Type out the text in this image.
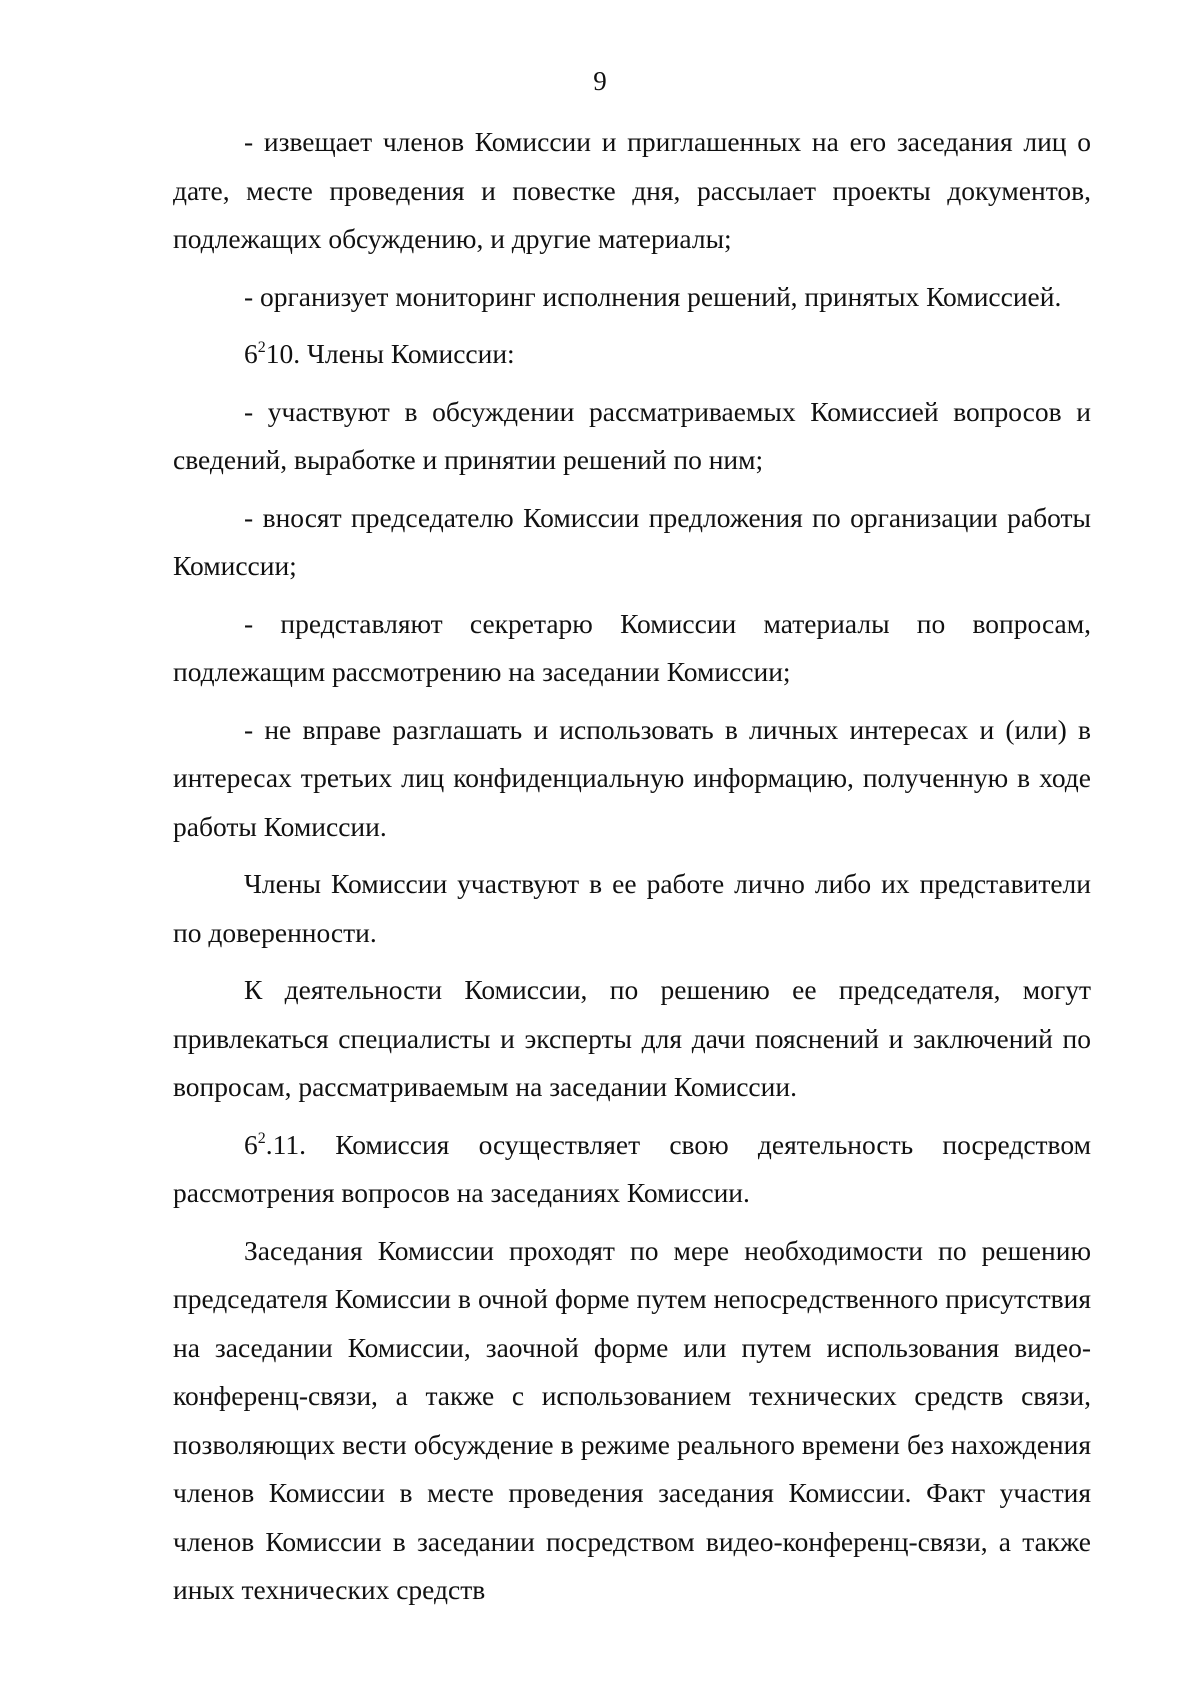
9

- извещает членов Комиссии и приглашенных на его заседания лиц о дате, месте проведения и повестке дня, рассылает проекты документов, подлежащих обсуждению, и другие материалы;

- организует мониторинг исполнения решений, принятых Комиссией.

$6^210$. Члены Комиссии:

- участвуют в обсуждении рассматриваемых Комиссией вопросов и сведений, выработке и принятии решений по ним;

- вносят председателю Комиссии предложения по организации работы Комиссии;

- представляют секретарю Комиссии материалы по вопросам, подлежащим рассмотрению на заседании Комиссии;

- не вправе разглашать и использовать в личных интересах и (или) в интересах третьих лиц конфиденциальную информацию, полученную в ходе работы Комиссии.

Члены Комиссии участвуют в ее работе лично либо их представители по доверенности.

К деятельности Комиссии, по решению ее председателя, могут привлекаться специалисты и эксперты для дачи пояснений и заключений по вопросам, рассматриваемым на заседании Комиссии.

$6^2.11$. Комиссия осуществляет свою деятельность посредством рассмотрения вопросов на заседаниях Комиссии.

Заседания Комиссии проходят по мере необходимости по решению председателя Комиссии в очной форме путем непосредственного присутствия на заседании Комиссии, заочной форме или путем использования видео-конференц-связи, а также с использованием технических средств связи, позволяющих вести обсуждение в режиме реального времени без нахождения членов Комиссии в месте проведения заседания Комиссии. Факт участия членов Комиссии в заседании посредством видео-конференц-связи, а также иных технических средств
